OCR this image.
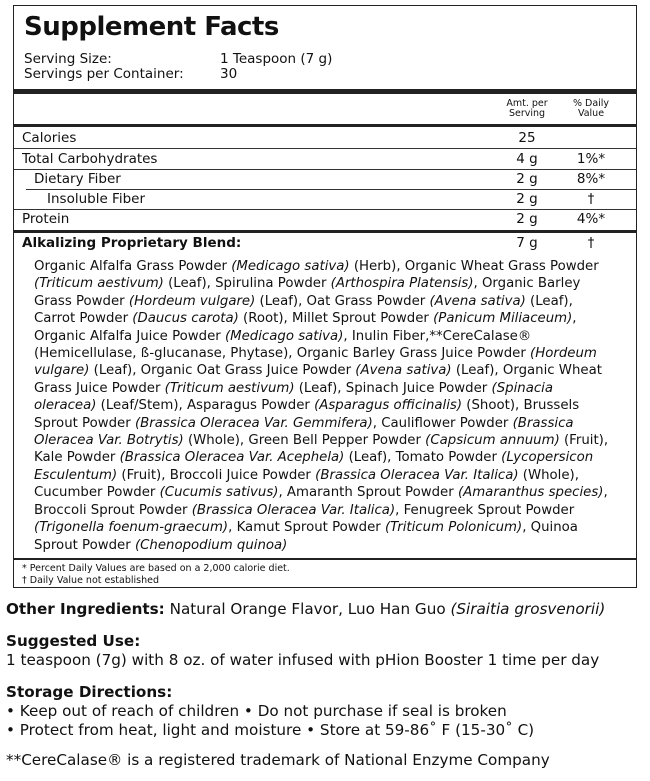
Supplement Facts
Serving Size:	1 Teaspoon (7 g)
Servings per Container:	30
Amt. per
Serving
% Daily
Value
Calories	25
Total Carbohydrates	4 g	1%*
Dietary Fiber	2 g	8%*
Insoluble Fiber	2 g	†
Protein	2 g	4%*
Alkalizing Proprietary Blend:	7 g	†
Organic Alfalfa Grass Powder (Medicago sativa) (Herb), Organic Wheat Grass Powder (Triticum aestivum) (Leaf), Spirulina Powder (Arthospira Platensis), Organic Barley Grass Powder (Hordeum vulgare) (Leaf), Oat Grass Powder (Avena sativa) (Leaf), Carrot Powder (Daucus carota) (Root), Millet Sprout Powder (Panicum Miliaceum), Organic Alfalfa Juice Powder (Medicago sativa), Inulin Fiber,**CereCalase® (Hemicellulase, ß-glucanase, Phytase), Organic Barley Grass Juice Powder (Hordeum vulgare) (Leaf), Organic Oat Grass Juice Powder (Avena sativa) (Leaf), Organic Wheat Grass Juice Powder (Triticum aestivum) (Leaf), Spinach Juice Powder (Spinacia oleracea) (Leaf/Stem), Asparagus Powder (Asparagus officinalis) (Shoot), Brussels Sprout Powder (Brassica Oleracea Var. Gemmifera), Cauliflower Powder (Brassica Oleracea Var. Botrytis) (Whole), Green Bell Pepper Powder (Capsicum annuum) (Fruit), Kale Powder (Brassica Oleracea Var. Acephela) (Leaf), Tomato Powder (Lycopersicon Esculentum) (Fruit), Broccoli Juice Powder (Brassica Oleracea Var. Italica) (Whole), Cucumber Powder (Cucumis sativus), Amaranth Sprout Powder (Amaranthus species), Broccoli Sprout Powder (Brassica Oleracea Var. Italica), Fenugreek Sprout Powder (Trigonella foenum-graecum), Kamut Sprout Powder (Triticum Polonicum), Quinoa Sprout Powder (Chenopodium quinoa)
* Percent Daily Values are based on a 2,000 calorie diet.
† Daily Value not established
Other Ingredients: Natural Orange Flavor, Luo Han Guo (Siraitia grosvenorii)
Suggested Use:
1 teaspoon (7g) with 8 oz. of water infused with pHion Booster 1 time per day
Storage Directions:
• Keep out of reach of children • Do not purchase if seal is broken
• Protect from heat, light and moisture • Store at 59-86˚ F (15-30˚ C)
**CereCalase® is a registered trademark of National Enzyme Company
